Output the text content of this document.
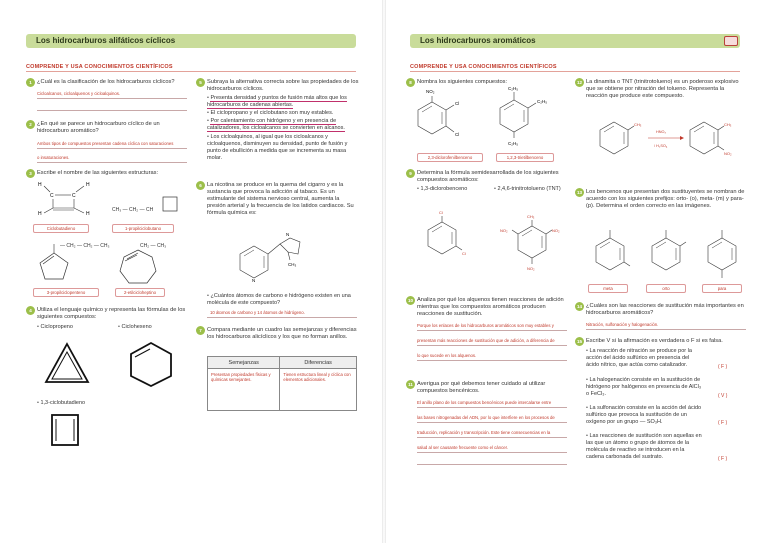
Los hidrocarburos alifáticos cíclicos
COMPRENDE Y USA CONOCIMIENTOS CIENTÍFICOS
1 ¿Cuál es la clasificación de los hidrocarburos cíclicos?
Cicloalcanos, cicloalquenos y cicloalquinos.
2 ¿En qué se parece un hidrocarburo cíclico de un hidrocarburo aromático?
Ambos tipos de compuestos presentan cadena cíclica con saturaciones
o insaturaciones.
3 Escribe el nombre de las siguientes estructuras:
H	H
H	H
C	C
CH₃ — CH₂ — CH
Ciclobutadieno	1-propilciclobutano
— CH₂ — CH₂ — CH₃	CH₂ — CH₃
3-propilciclopenteno	2-etilcicloheptino
4 Utiliza el lenguaje químico y representa las fórmulas de los siguientes compuestos:
• Ciclopropeno	• Ciclohexeno
• 1,3-ciclobutadieno
5 Subraya la alternativa correcta sobre las propiedades de los hidrocarburos cíclicos.
• Presenta densidad y puntos de fusión más altos que los hidrocarburos de cadenas abiertas.
• El ciclopropano y el ciclobutano son muy estables.
• Por calentamiento con hidrógeno y en presencia de catalizadores, los cicloalcanos se convierten en alcanos.
• Los cicloalquinos, al igual que los cicloalcanos y cicloalquenos, disminuyen su densidad, punto de fusión y punto de ebullición a medida que se incrementa su masa molar.
6 La nicotina se produce en la quema del cigarro y es la sustancia que provoca la adicción al tabaco. Es un estimulante del sistema nervioso central, aumenta la presión arterial y la frecuencia de los latidos cardiacos. Su fórmula química es:
N
CH₃
N
• ¿Cuántos átomos de carbono e hidrógeno existen en una molécula de este compuesto?
10 átomos de carbono y 14 átomos de hidrógeno.
7 Compara mediante un cuadro las semejanzas y diferencias los hidrocarburos alicíclicos y los que no forman anillos.
Semejanzas	Diferencias
Presentan propiedades físicas y químicas semejantes.	Tienen estructura lineal y cíclica con elementos adicionales.
Los hidrocarburos aromáticos
COMPRENDE Y USA CONOCIMIENTOS CIENTÍFICOS
8 Nombra los siguientes compuestos:
NO₂
Cl
Cl
C₂H₅
C₂H₅
C₂H₅
2,3-diclorofenilbenceno	1,2,3-trietilbenceno
9 Determina la fórmula semidesarrollada de los siguientes compuestos aromáticos:
• 1,3-diclorobenceno	• 2,4,6-trinitrotolueno (TNT)
Cl
Cl
CH₃
NO₂	NO₂
NO₂
10 Analiza por qué los alquenos tienen reacciones de adición mientras que los compuestos aromáticos producen reacciones de sustitución.
Porque los enlaces de los hidrocarburos aromáticos son muy estables y
presentan más reacciones de sustitución que de adición, a diferencia de
lo que sucede en los alquenos.
11 Averigua por qué debemos tener cuidado al utilizar compuestos bencénicos.
El anillo plano de los compuestos bencénicos puede intercalarse entre
las bases nitrogenadas del ADN, por lo que interfiere en los procesos de
traducción, replicación y transcripción. Este tiene consecuencias en la
salud al ser causante frecuente como el cáncer.
12 La dinamita o TNT (trinitrotolueno) es un poderoso explosivo que se obtiene por nitración del tolueno. Representa la reacción que produce este compuesto.
CH₃
HNO₃
/ H₂SO₄
CH₃
NO₂
13 Los bencenos que presentan dos sustituyentes se nombran de acuerdo con los siguientes prefijos: orto- (o), meta- (m) y para- (p). Determina el orden correcto en las imágenes.
meta	orto	para
14 ¿Cuáles son las reacciones de sustitución más importantes en hidrocarburos aromáticos?
Nitración, sulfonación y halogenación.
15 Escribe V si la afirmación es verdadera o F si es falsa.
• La reacción de nitración se produce por la acción del ácido sulfúrico en presencia del ácido nítrico, que actúa como catalizador.	( F )
• La halogenación consiste en la sustitución de hidrógeno por halógenos en presencia de AlCl₃ o FeCl₃.	( V )
• La sulfonación consiste en la acción del ácido sulfúrico que provoca la sustitución de un oxígeno por un grupo — SO₃H.	( F )
• Las reacciones de sustitución son aquellas en las que un átomo o grupo de átomos de la molécula de reactivo se introducen en la cadena carbonada del sustrato.	( F )
